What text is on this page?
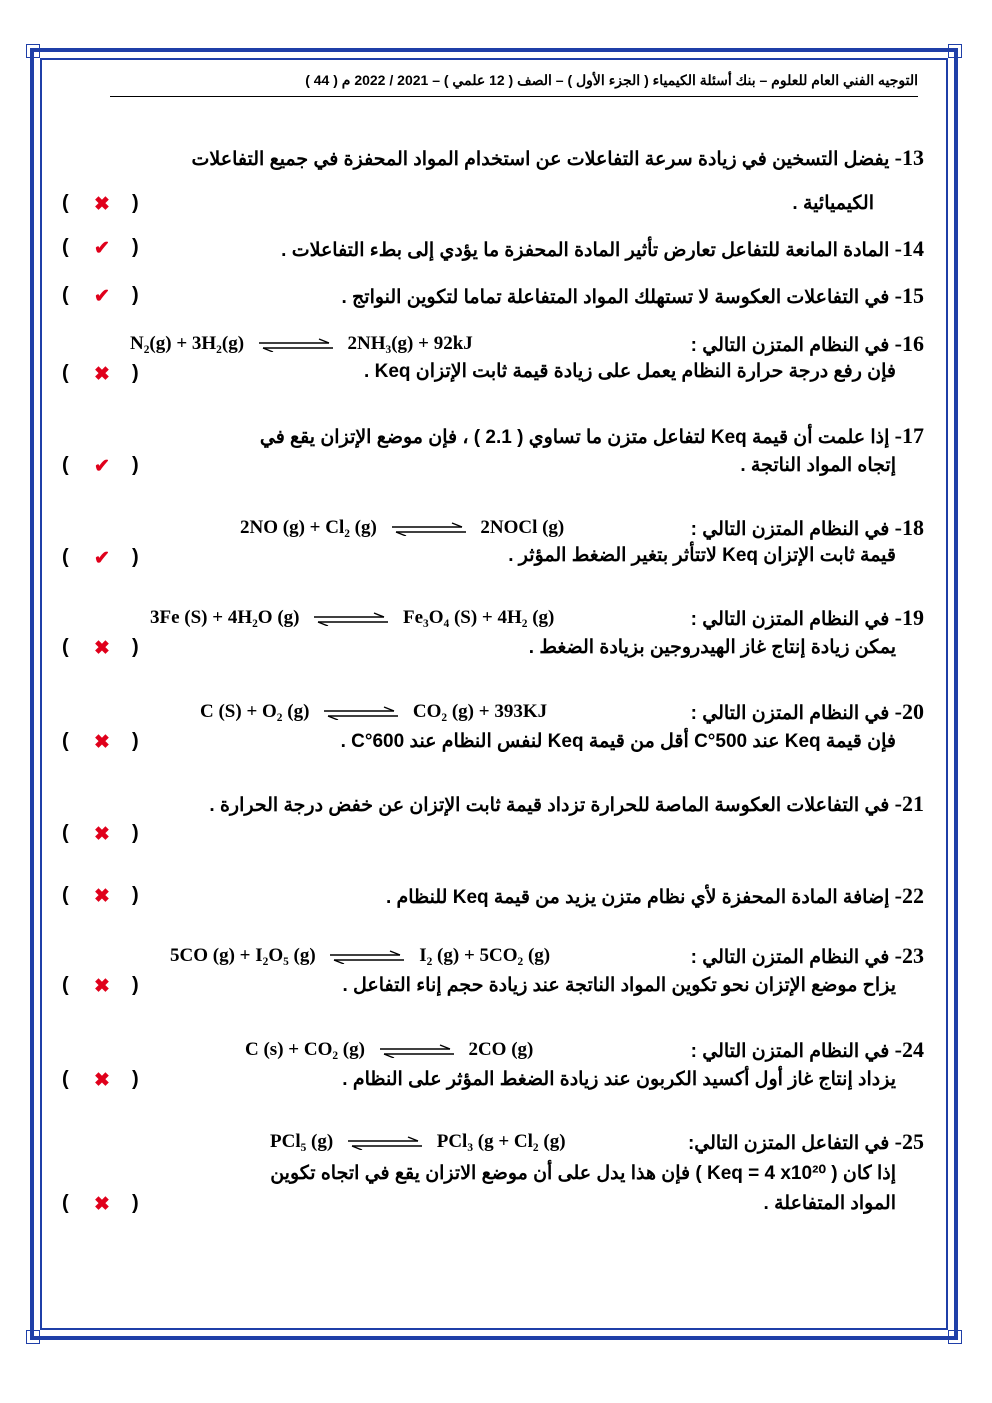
التوجيه الفني العام للعلوم – بنك أسئلة الكيمياء ( الجزء الأول ) – الصف ( 12 علمي ) – 2021 / 2022 م ( 44 )
13- يفضل التسخين في زيادة سرعة التفاعلات عن استخدام المواد المحفزة في جميع التفاعلات
الكيميائية .
( ✖ )
14- المادة المانعة للتفاعل تعارض تأثير المادة المحفزة ما يؤدي إلى بطء التفاعلات .
( ✔ )
15- في التفاعلات العكوسة لا تستهلك المواد المتفاعلة تماما لتكوين النواتج .
( ✔ )
16- في النظام المتزن التالي :
N₂(g) + 3H₂(g)	2NH₃(g) + 92kJ
فإن رفع درجة حرارة النظام يعمل على زيادة قيمة ثابت الإتزان Keq .
( ✖ )
17- إذا علمت أن قيمة Keq لتفاعل متزن ما تساوي ( 2.1 ) ، فإن موضع الإتزان يقع في
إتجاه المواد الناتجة .
( ✔ )
18- في النظام المتزن التالي :
2NO (g) + Cl₂ (g)	2NOCl (g)
قيمة ثابت الإتزان Keq لاتتأثر بتغير الضغط المؤثر .
( ✔ )
19- في النظام المتزن التالي :
3Fe (S) + 4H₂O (g)	Fe₃O₄ (S) + 4H₂ (g)
يمكن زيادة إنتاج غاز الهيدروجين بزيادة الضغط .
( ✖ )
20- في النظام المتزن التالي :
C (S) + O₂ (g)	CO₂ (g) + 393KJ
فإن قيمة Keq عند 500°C أقل من قيمة Keq لنفس النظام عند 600°C .
( ✖ )
21- في التفاعلات العكوسة الماصة للحرارة تزداد قيمة ثابت الإتزان عن خفض درجة الحرارة .
( ✖ )
22- إضافة المادة المحفزة لأي نظام متزن يزيد من قيمة Keq للنظام .
( ✖ )
23- في النظام المتزن التالي :
5CO (g) + I₂O₅ (g)	I₂ (g) + 5CO₂ (g)
يزاح موضع الإتزان نحو تكوين المواد الناتجة عند زيادة حجم إناء التفاعل .
( ✖ )
24- في النظام المتزن التالي :
C (s) + CO₂ (g)	2CO (g)
يزداد إنتاج غاز أول أكسيد الكربون عند زيادة الضغط المؤثر على النظام .
( ✖ )
25- في التفاعل المتزن التالي:
PCl₅ (g)	PCl₃ (g + Cl₂ (g)
إذا كان ( Keq = 4 x10²⁰ ) فإن هذا يدل على أن موضع الاتزان يقع في اتجاه تكوين
المواد المتفاعلة .
( ✖ )
